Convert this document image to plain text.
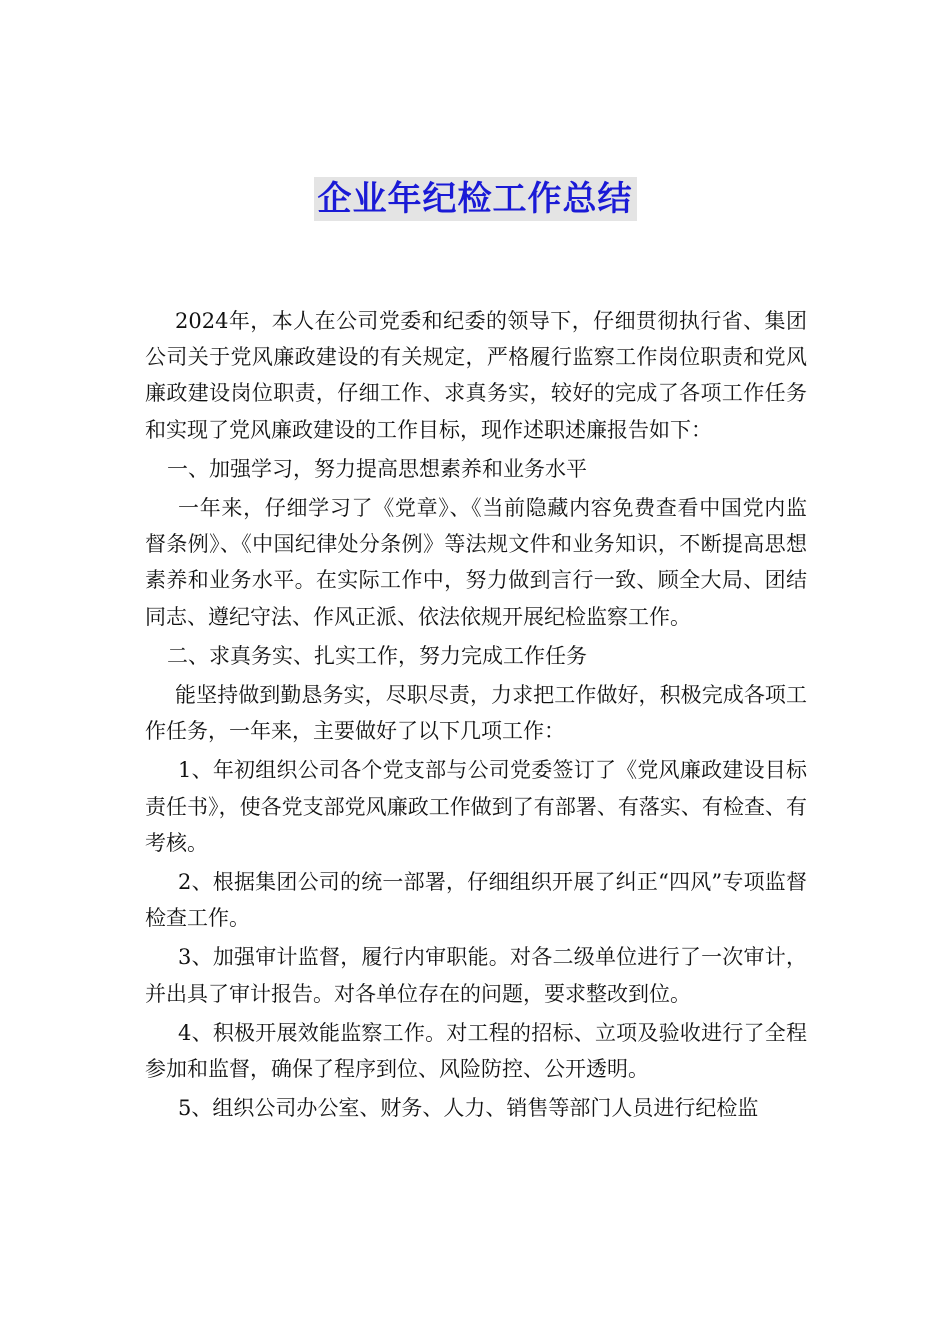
企业年纪检工作总结

2024年，本人在公司党委和纪委的领导下，仔细贯彻执行省、集团公司关于党风廉政建设的有关规定，严格履行监察工作岗位职责和党风廉政建设岗位职责，仔细工作、求真务实，较好的完成了各项工作任务和实现了党风廉政建设的工作目标，现作述职述廉报告如下：

一、加强学习，努力提高思想素养和业务水平

一年来，仔细学习了《党章》、《当前隐藏内容免费查看中国党内监督条例》、《中国纪律处分条例》等法规文件和业务知识，不断提高思想素养和业务水平。在实际工作中，努力做到言行一致、顾全大局、团结同志、遵纪守法、作风正派、依法依规开展纪检监察工作。

二、求真务实、扎实工作，努力完成工作任务

能坚持做到勤恳务实，尽职尽责，力求把工作做好，积极完成各项工作任务，一年来，主要做好了以下几项工作：

1、年初组织公司各个党支部与公司党委签订了《党风廉政建设目标责任书》，使各党支部党风廉政工作做到了有部署、有落实、有检查、有考核。

2、根据集团公司的统一部署，仔细组织开展了纠正“四风”专项监督检查工作。

3、加强审计监督，履行内审职能。对各二级单位进行了一次审计，并出具了审计报告。对各单位存在的问题，要求整改到位。

4、积极开展效能监察工作。对工程的招标、立项及验收进行了全程参加和监督，确保了程序到位、风险防控、公开透明。

5、组织公司办公室、财务、人力、销售等部门人员进行纪检监
